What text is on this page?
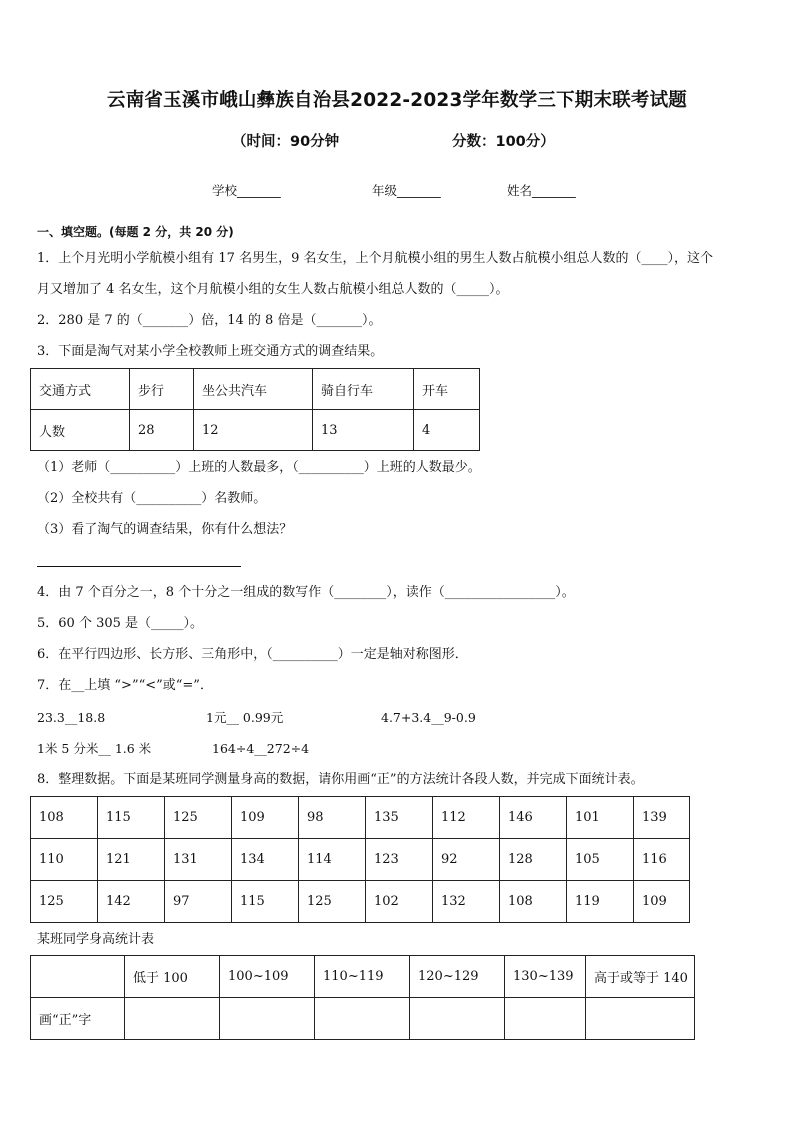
云南省玉溪市峨山彝族自治县2022-2023学年数学三下期末联考试题
（时间：90分钟	分数：100分）
学校_______	年级_______	姓名_______
一、填空题。(每题 2 分，共 20 分)
1．上个月光明小学航模小组有 17 名男生，9 名女生，上个月航模小组的男生人数占航模小组总人数的（____），这个
月又增加了 4 名女生，这个月航模小组的女生人数占航模小组总人数的（_____）。
2．280 是 7 的（_______）倍，14 的 8 倍是（_______）。
3．下面是淘气对某小学全校教师上班交通方式的调查结果。
交通方式	步行	坐公共汽车	骑自行车	开车
人数	28	12	13	4
（1）老师（__________）上班的人数最多，（__________）上班的人数最少。
（2）全校共有（__________）名教师。
（3）看了淘气的调查结果，你有什么想法？
4．由 7 个百分之一，8 个十分之一组成的数写作（________），读作（_________________）。
5．60 个 305 是（_____）。
6．在平行四边形、长方形、三角形中，（__________）一定是轴对称图形．
7．在__上填 “>”“<”或“=”．
23.3__18.8	1元__ 0.99元	4.7+3.4__9-0.9
1米 5 分米__ 1.6 米	164÷4__272÷4
8．整理数据。下面是某班同学测量身高的数据，请你用画“正”的方法统计各段人数，并完成下面统计表。
108	115	125	109	98	135	112	146	101	139
110	121	131	134	114	123	92	128	105	116
125	142	97	115	125	102	132	108	119	109
某班同学身高统计表
	低于 100	100~109	110~119	120~129	130~139	高于或等于 140
画“正”字						
